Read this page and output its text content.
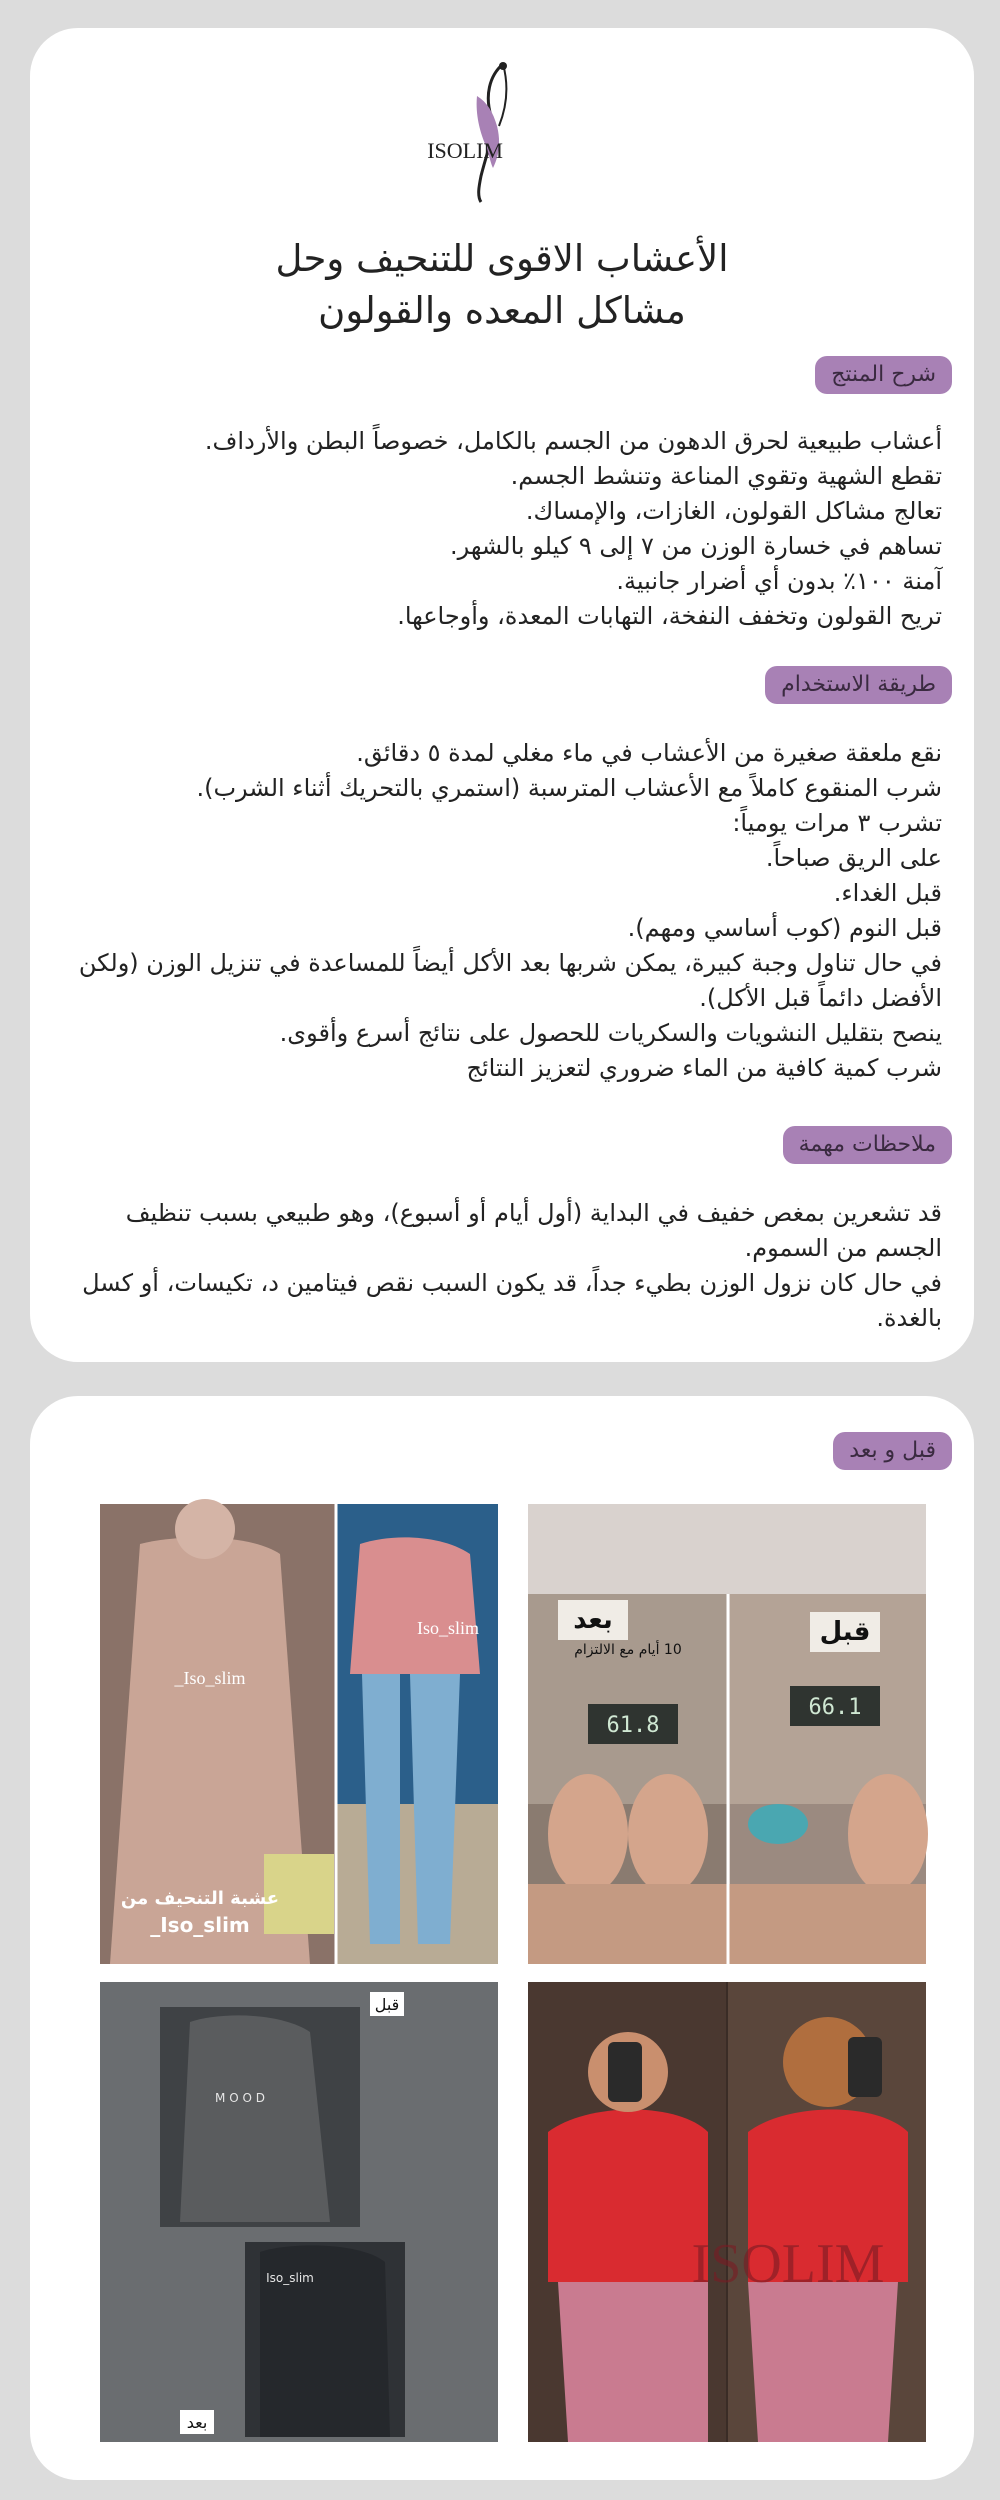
ISOLIM
الأعشاب الاقوى للتنحيف وحل
مشاكل المعده والقولون
شرح المنتج
أعشاب طبيعية لحرق الدهون من الجسم بالكامل، خصوصاً البطن والأرداف.
تقطع الشهية وتقوي المناعة وتنشط الجسم.
تعالج مشاكل القولون، الغازات، والإمساك.
تساهم في خسارة الوزن من ٧ إلى ٩ كيلو بالشهر.
آمنة ١٠٠٪ بدون أي أضرار جانبية.
تريح القولون وتخفف النفخة، التهابات المعدة، وأوجاعها.
طريقة الاستخدام
نقع ملعقة صغيرة من الأعشاب في ماء مغلي لمدة ٥ دقائق.
شرب المنقوع كاملاً مع الأعشاب المترسبة (استمري بالتحريك أثناء الشرب).
تشرب ٣ مرات يومياً:
على الريق صباحاً.
قبل الغداء.
قبل النوم (كوب أساسي ومهم).
في حال تناول وجبة كبيرة، يمكن شربها بعد الأكل أيضاً للمساعدة في تنزيل الوزن (ولكن الأفضل دائماً قبل الأكل).
ينصح بتقليل النشويات والسكريات للحصول على نتائج أسرع وأقوى.
شرب كمية كافية من الماء ضروري لتعزيز النتائج
ملاحظات مهمة
قد تشعرين بمغص خفيف في البداية (أول أيام أو أسبوع)، وهو طبيعي بسبب تنظيف الجسم من السموم.
في حال كان نزول الوزن بطيء جداً، قد يكون السبب نقص فيتامين د، تكيسات، أو كسل بالغدة.
قبل و بعد
61.8
66.1
بعد
10 أيام مع الالتزام
قبل
Iso_slim_
Iso_slim
عشبة التنحيف من
Iso_slim_
ISOLIM
M O O D
Iso_slim
قبل
بعد
